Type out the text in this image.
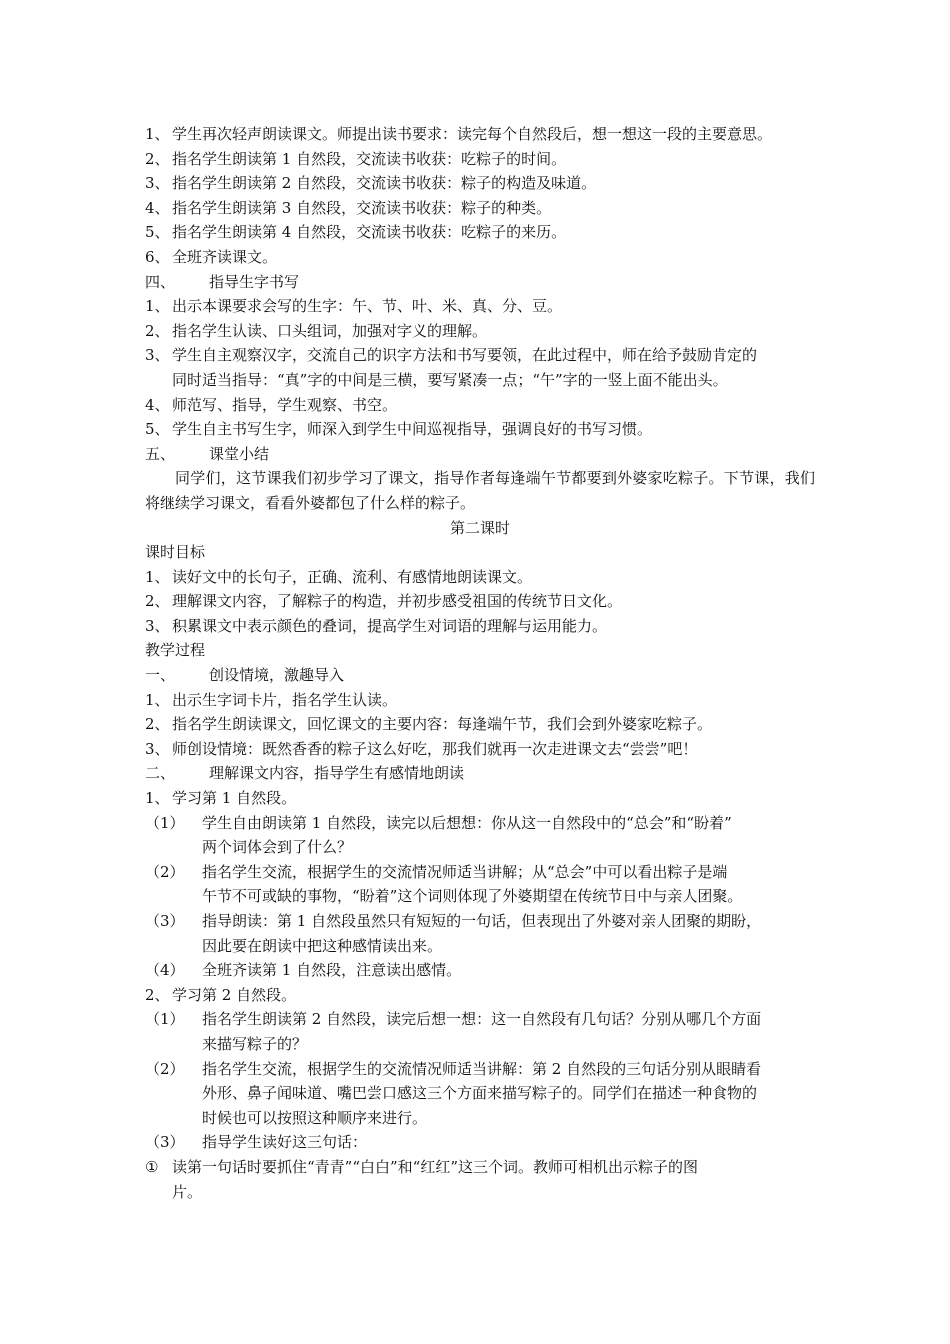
1、 学生再次轻声朗读课文。师提出读书要求：读完每个自然段后，想一想这一段的主要意思。
2、 指名学生朗读第 1 自然段，交流读书收获：吃粽子的时间。
3、 指名学生朗读第 2 自然段，交流读书收获：粽子的构造及味道。
4、 指名学生朗读第 3 自然段，交流读书收获：粽子的种类。
5、 指名学生朗读第 4 自然段，交流读书收获：吃粽子的来历。
6、 全班齐读课文。
四、	指导生字书写
1、 出示本课要求会写的生字：午、节、叶、米、真、分、豆。
2、 指名学生认读、口头组词，加强对字义的理解。
3、 学生自主观察汉字，交流自己的识字方法和书写要领，在此过程中，师在给予鼓励肯定的
同时适当指导：“真”字的中间是三横，要写紧凑一点；“午”字的一竖上面不能出头。
4、 师范写、指导，学生观察、书空。
5、 学生自主书写生字，师深入到学生中间巡视指导，强调良好的书写习惯。
五、	课堂小结
同学们，这节课我们初步学习了课文，指导作者每逢端午节都要到外婆家吃粽子。下节课，我们将继续学习课文，看看外婆都包了什么样的粽子。
第二课时
课时目标
1、 读好文中的长句子，正确、流利、有感情地朗读课文。
2、 理解课文内容，了解粽子的构造，并初步感受祖国的传统节日文化。
3、 积累课文中表示颜色的叠词，提高学生对词语的理解与运用能力。
教学过程
一、	创设情境，激趣导入
1、 出示生字词卡片，指名学生认读。
2、 指名学生朗读课文，回忆课文的主要内容：每逢端午节，我们会到外婆家吃粽子。
3、 师创设情境：既然香香的粽子这么好吃，那我们就再一次走进课文去“尝尝”吧！
二、	理解课文内容，指导学生有感情地朗读
1、 学习第 1 自然段。
（1）	学生自由朗读第 1 自然段，读完以后想想：你从这一自然段中的“总会”和“盼着”
两个词体会到了什么？
（2）	指名学生交流，根据学生的交流情况师适当讲解；从“总会”中可以看出粽子是端
午节不可或缺的事物，“盼着”这个词则体现了外婆期望在传统节日中与亲人团聚。
（3）	指导朗读：第 1 自然段虽然只有短短的一句话，但表现出了外婆对亲人团聚的期盼，
因此要在朗读中把这种感情读出来。
（4）	全班齐读第 1 自然段，注意读出感情。
2、 学习第 2 自然段。
（1）	指名学生朗读第 2 自然段，读完后想一想：这一自然段有几句话？分别从哪几个方面
来描写粽子的？
（2）	指名学生交流，根据学生的交流情况师适当讲解：第 2 自然段的三句话分别从眼睛看
外形、鼻子闻味道、嘴巴尝口感这三个方面来描写粽子的。同学们在描述一种食物的
时候也可以按照这种顺序来进行。
（3）	指导学生读好这三句话：
① 读第一句话时要抓住“青青”“白白”和“红红”这三个词。教师可相机出示粽子的图
片。
